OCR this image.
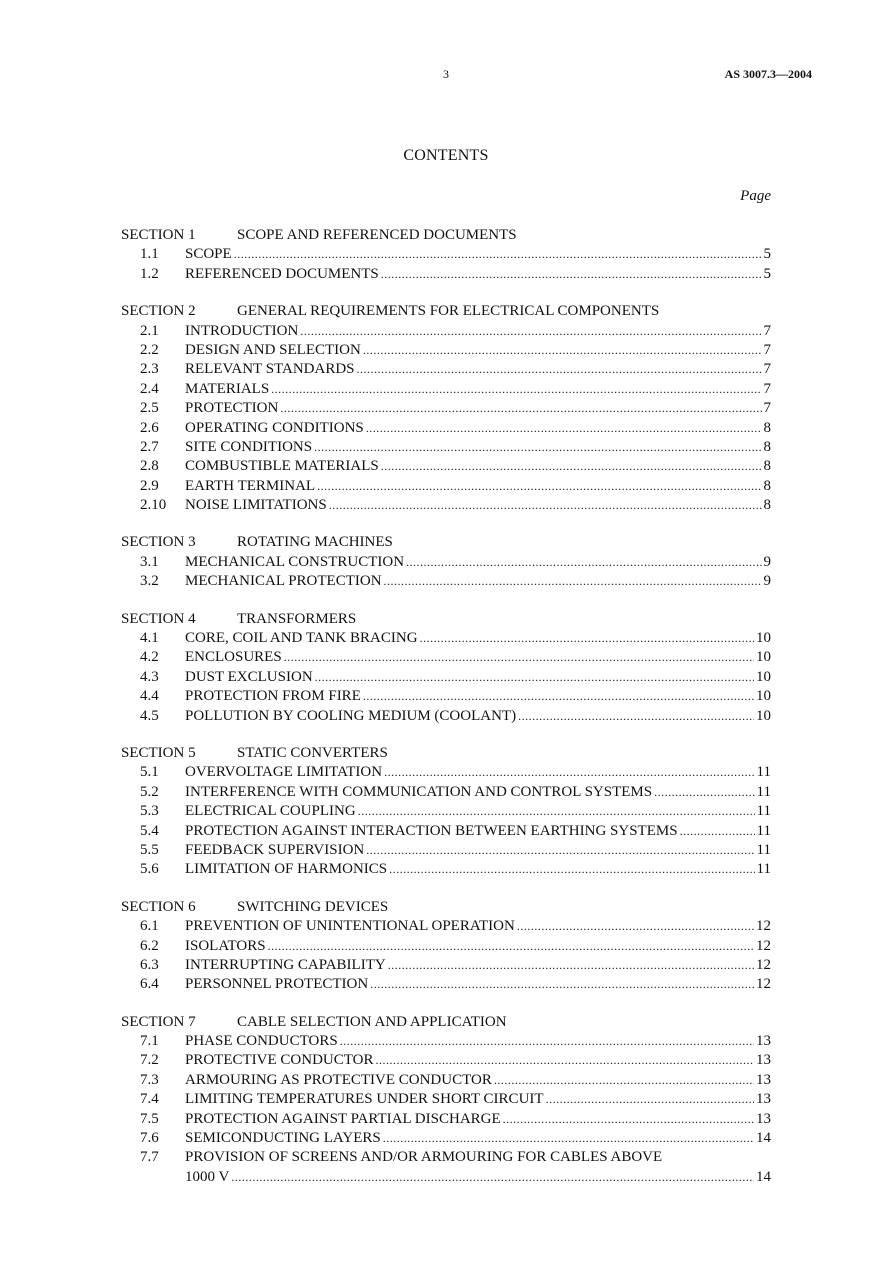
3	AS 3007.3—2004
CONTENTS
Page
SECTION 1	SCOPE AND REFERENCED DOCUMENTS
1.1	SCOPE .....	5
1.2	REFERENCED DOCUMENTS .....	5
SECTION 2	GENERAL REQUIREMENTS FOR ELECTRICAL COMPONENTS
2.1	INTRODUCTION .....	7
2.2	DESIGN AND SELECTION .....	7
2.3	RELEVANT STANDARDS .....	7
2.4	MATERIALS .....	7
2.5	PROTECTION .....	7
2.6	OPERATING CONDITIONS .....	8
2.7	SITE CONDITIONS .....	8
2.8	COMBUSTIBLE MATERIALS .....	8
2.9	EARTH TERMINAL .....	8
2.10	NOISE LIMITATIONS .....	8
SECTION 3	ROTATING MACHINES
3.1	MECHANICAL CONSTRUCTION .....	9
3.2	MECHANICAL PROTECTION .....	9
SECTION 4	TRANSFORMERS
4.1	CORE, COIL AND TANK BRACING .....	10
4.2	ENCLOSURES .....	10
4.3	DUST EXCLUSION .....	10
4.4	PROTECTION FROM FIRE .....	10
4.5	POLLUTION BY COOLING MEDIUM (COOLANT) .....	10
SECTION 5	STATIC CONVERTERS
5.1	OVERVOLTAGE LIMITATION .....	11
5.2	INTERFERENCE WITH COMMUNICATION AND CONTROL SYSTEMS .....	11
5.3	ELECTRICAL COUPLING .....	11
5.4	PROTECTION AGAINST INTERACTION BETWEEN EARTHING SYSTEMS .....	11
5.5	FEEDBACK SUPERVISION .....	11
5.6	LIMITATION OF HARMONICS .....	11
SECTION 6	SWITCHING DEVICES
6.1	PREVENTION OF UNINTENTIONAL OPERATION .....	12
6.2	ISOLATORS .....	12
6.3	INTERRUPTING CAPABILITY .....	12
6.4	PERSONNEL PROTECTION .....	12
SECTION 7	CABLE SELECTION AND APPLICATION
7.1	PHASE CONDUCTORS .....	13
7.2	PROTECTIVE CONDUCTOR .....	13
7.3	ARMOURING AS PROTECTIVE CONDUCTOR .....	13
7.4	LIMITING TEMPERATURES UNDER SHORT CIRCUIT .....	13
7.5	PROTECTION AGAINST PARTIAL DISCHARGE .....	13
7.6	SEMICONDUCTING LAYERS .....	14
7.7	PROVISION OF SCREENS AND/OR ARMOURING FOR CABLES ABOVE
1000 V .....	14
